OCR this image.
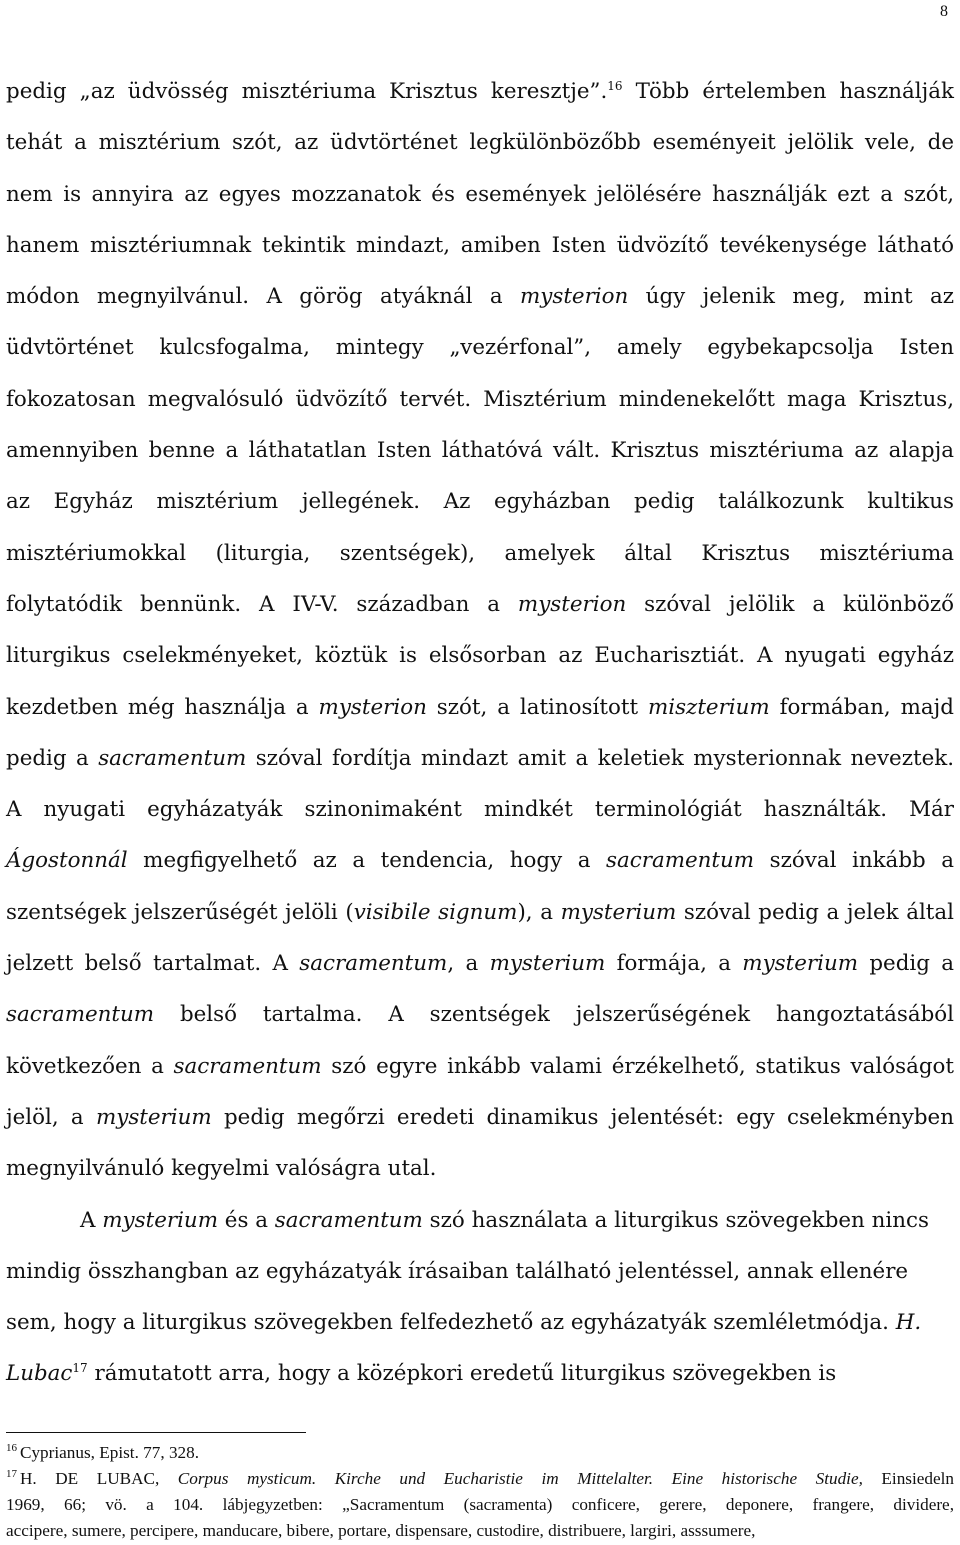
8

pedig „az üdvösség misztériuma Krisztus keresztje”.$^{16}$ Több értelemben használják
tehát a misztérium szót, az üdvtörténet legkülönbözőbb eseményeit jelölik vele, de
nem is annyira az egyes mozzanatok és események jelölésére használják ezt a szót,
hanem misztériumnak tekintik mindazt, amiben Isten üdvözítő tevékenysége látható
módon megnyilvánul. A görög atyáknál a mysterion úgy jelenik meg, mint az
üdvtörténet kulcsfogalma, mintegy „vezérfonal”, amely egybekapcsolja Isten
fokozatosan megvalósuló üdvözítő tervét. Misztérium mindenekelőtt maga Krisztus,
amennyiben benne a láthatatlan Isten láthatóvá vált. Krisztus misztériuma az alapja
az Egyház misztérium jellegének. Az egyházban pedig találkozunk kultikus
misztériumokkal (liturgia, szentségek), amelyek által Krisztus misztériuma
folytatódik bennünk. A IV-V. században a mysterion szóval jelölik a különböző
liturgikus cselekményeket, köztük is elsősorban az Eucharisztiát. A nyugati egyház
kezdetben még használja a mysterion szót, a latinosított miszterium formában, majd
pedig a sacramentum szóval fordítja mindazt amit a keletiek mysterionnak neveztek.
A nyugati egyházatyák szinonimaként mindkét terminológiát használták. Már
Ágostonnál megfigyelhető az a tendencia, hogy a sacramentum szóval inkább a
szentségek jelszerűségét jelöli (visibile signum), a mysterium szóval pedig a jelek által
jelzett belső tartalmat. A sacramentum, a mysterium formája, a mysterium pedig a
sacramentum belső tartalma. A szentségek jelszerűségének hangoztatásából
következően a sacramentum szó egyre inkább valami érzékelhető, statikus valóságot
jelöl, a mysterium pedig megőrzi eredeti dinamikus jelentését: egy cselekményben
megnyilvánuló kegyelmi valóságra utal.

A mysterium és a sacramentum szó használata a liturgikus szövegekben nincs
mindig összhangban az egyházatyák írásaiban található jelentéssel, annak ellenére
sem, hogy a liturgikus szövegekben felfedezhető az egyházatyák szemléletmódja. H.
Lubac$^{17}$ rámutatott arra, hogy a középkori eredetű liturgikus szövegekben is

$^{16}$ Cyprianus, Epist. 77, 328.
$^{17}$ H. DE LUBAC, Corpus mysticum. Kirche und Eucharistie im Mittelalter. Eine historische Studie, Einsiedeln
1969, 66; vö. a 104. lábjegyzetben: „Sacramentum (sacramenta) conficere, gerere, deponere, frangere, dividere,
accipere, sumere, percipere, manducare, bibere, portare, dispensare, custodire, distribuere, largiri, asssumere,
